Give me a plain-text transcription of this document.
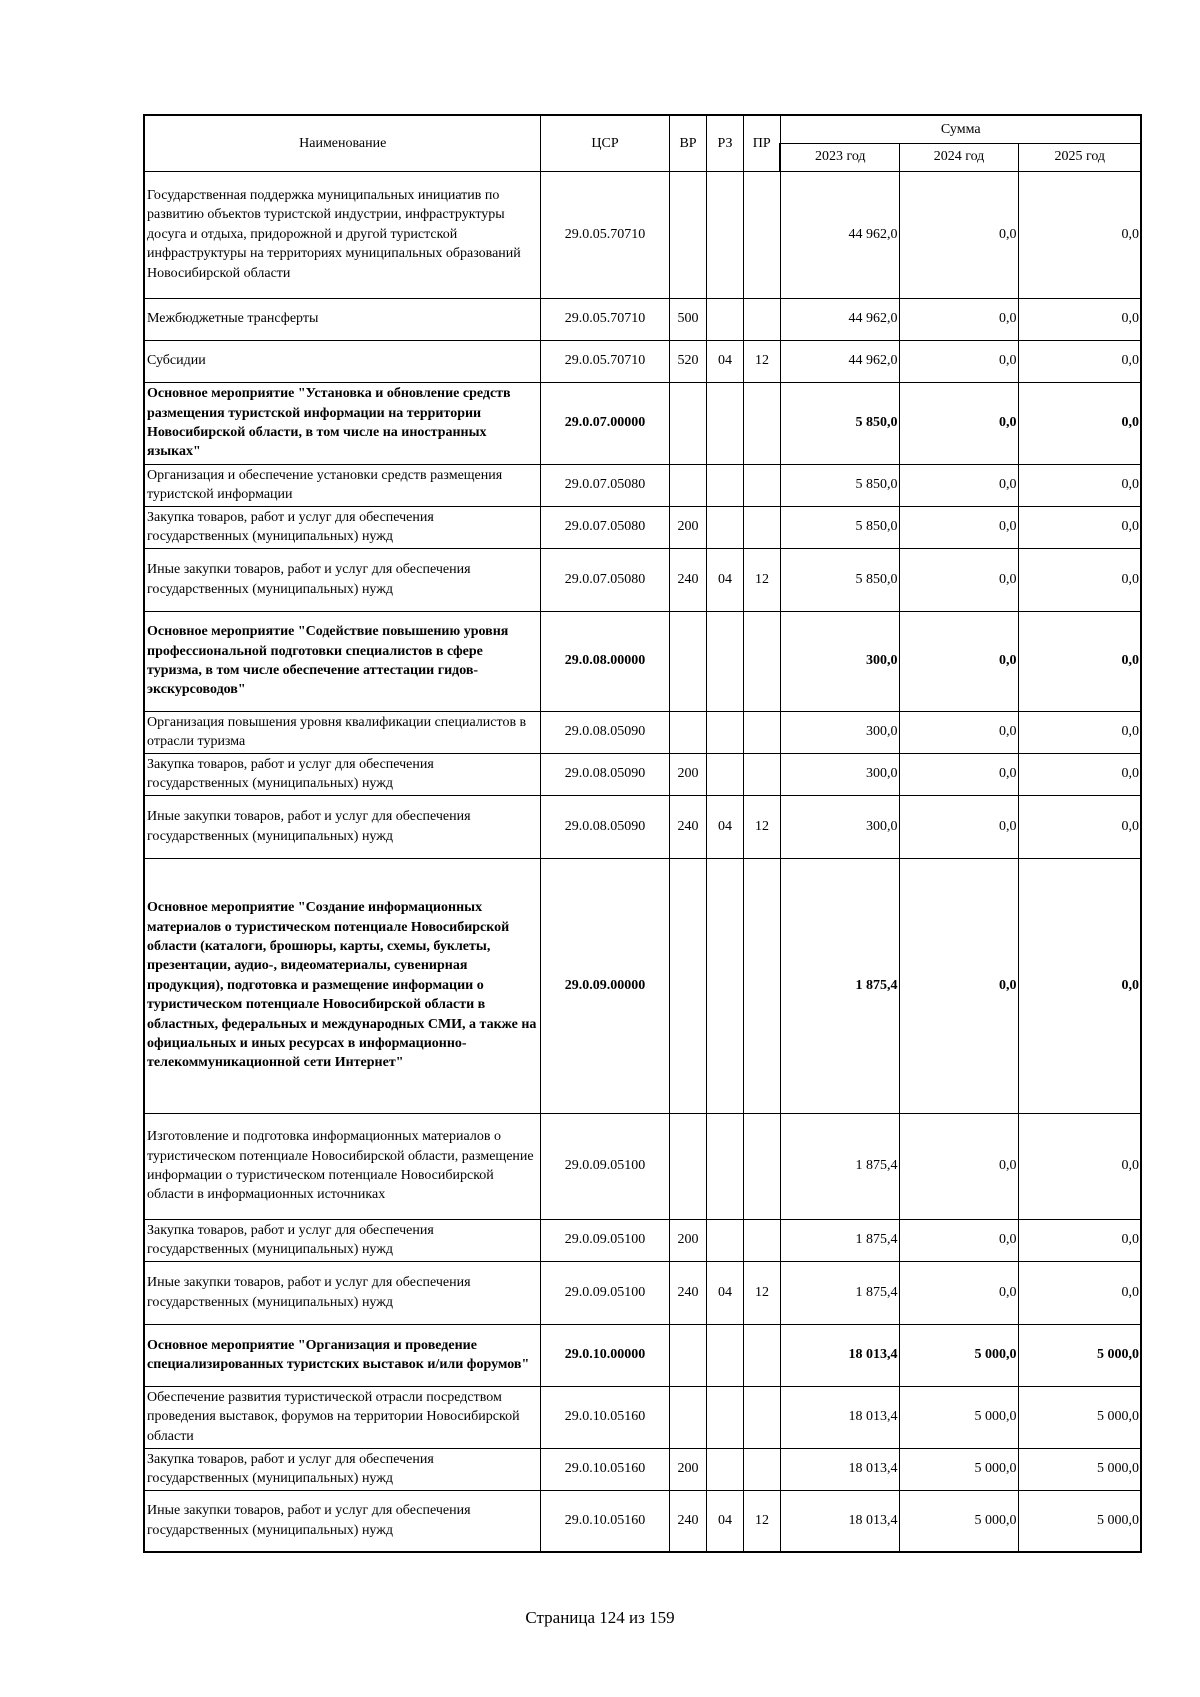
Наименование	ЦСР	ВР	РЗ	ПР	Сумма		
					2023 год	2024 год	2025 год
Государственная поддержка муниципальных инициатив по развитию объектов туристской индустрии, инфраструктуры досуга и отдыха, придорожной и другой туристской инфраструктуры на территориях муниципальных образований Новосибирской области	29.0.05.70710				44 962,0	0,0	0,0
Межбюджетные трансферты	29.0.05.70710	500			44 962,0	0,0	0,0
Субсидии	29.0.05.70710	520	04	12	44 962,0	0,0	0,0
Основное мероприятие "Установка и обновление средств размещения туристской информации на территории Новосибирской области, в том числе на иностранных языках"	29.0.07.00000				5 850,0	0,0	0,0
Организация и обеспечение установки средств размещения туристской информации	29.0.07.05080				5 850,0	0,0	0,0
Закупка товаров, работ и услуг для обеспечения государственных (муниципальных) нужд	29.0.07.05080	200			5 850,0	0,0	0,0
Иные закупки товаров, работ и услуг для обеспечения государственных (муниципальных) нужд	29.0.07.05080	240	04	12	5 850,0	0,0	0,0
Основное мероприятие "Содействие повышению уровня профессиональной подготовки специалистов в сфере туризма, в том числе обеспечение аттестации гидов-экскурсоводов"	29.0.08.00000				300,0	0,0	0,0
Организация повышения уровня квалификации специалистов в отрасли туризма	29.0.08.05090				300,0	0,0	0,0
Закупка товаров, работ и услуг для обеспечения государственных (муниципальных) нужд	29.0.08.05090	200			300,0	0,0	0,0
Иные закупки товаров, работ и услуг для обеспечения государственных (муниципальных) нужд	29.0.08.05090	240	04	12	300,0	0,0	0,0
Основное мероприятие "Создание информационных материалов о туристическом потенциале Новосибирской области (каталоги, брошюры, карты, схемы, буклеты, презентации, аудио-, видеоматериалы, сувенирная продукция), подготовка и размещение информации о туристическом потенциале Новосибирской области в областных, федеральных и международных СМИ, а также на официальных и иных ресурсах в информационно-телекоммуникационной сети Интернет"	29.0.09.00000				1 875,4	0,0	0,0
Изготовление и подготовка информационных материалов о туристическом потенциале Новосибирской области, размещение информации о туристическом потенциале Новосибирской области в информационных источниках	29.0.09.05100				1 875,4	0,0	0,0
Закупка товаров, работ и услуг для обеспечения государственных (муниципальных) нужд	29.0.09.05100	200			1 875,4	0,0	0,0
Иные закупки товаров, работ и услуг для обеспечения государственных (муниципальных) нужд	29.0.09.05100	240	04	12	1 875,4	0,0	0,0
Основное мероприятие "Организация и проведение специализированных туристских выставок и/или форумов"	29.0.10.00000				18 013,4	5 000,0	5 000,0
Обеспечение развития туристической отрасли посредством проведения выставок, форумов на территории Новосибирской области	29.0.10.05160				18 013,4	5 000,0	5 000,0
Закупка товаров, работ и услуг для обеспечения государственных (муниципальных) нужд	29.0.10.05160	200			18 013,4	5 000,0	5 000,0
Иные закупки товаров, работ и услуг для обеспечения государственных (муниципальных) нужд	29.0.10.05160	240	04	12	18 013,4	5 000,0	5 000,0
Страница 124 из 159
